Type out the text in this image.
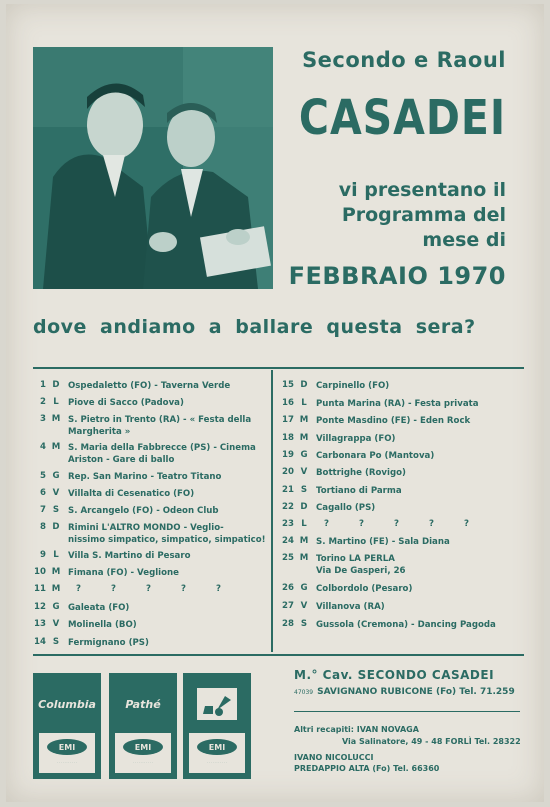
Secondo e Raoul
CASADEI
vi presentano il
Programma del
mese di
FEBBRAIO 1970
dove andiamo a ballare questa sera?
1 D Ospedaletto (FO) - Taverna Verde
2 L	Piove di Sacco (Padova)
3 M S. Pietro in Trento (RA) - « Festa della
Margherita »
4 M S. Maria della Fabbrecce (PS) - Cinema
Ariston - Gare di ballo
5 G Rep. San Marino - Teatro Titano
6 V	Villalta di Cesenatico (FO)
7 S	S. Arcangelo (FO) - Odeon Club
8 D Rimini L'ALTRO MONDO - Veglio-
nissimo simpatico, simpatico, simpatico!
9 L	Villa S. Martino di Pesaro
10 M Fimana (FO) - Veglione
11 M ?	?	?	?	?
12 G Galeata (FO)
13 V	Molinella (BO)
14 S	Fermignano (PS)
15 D Carpinello (FO)
16 L	Punta Marina (RA) - Festa privata
17 M Ponte Masdino (FE) - Eden Rock
18 M Villagrappa (FO)
19 G Carbonara Po (Mantova)
20 V	Bottrighe (Rovigo)
21 S	Tortiano di Parma
22 D Cagallo (PS)
23 L	?	?	?	?	?
24 M S. Martino (FE) - Sala Diana
25 M Torino LA PERLA
Via De Gasperi, 26
26 G Colbordolo (Pesaro)
27 V	Villanova (RA)
28 S	Gussola (Cremona) - Dancing Pagoda
Columbia
EMI
· · · · · · · · · · ·
Pathé
EMI
· · · · · · · · · · ·
EMI
· · · · · · · · · · ·
M.° Cav. SECONDO CASADEI
47039 SAVIGNANO RUBICONE (Fo) Tel. 71.259
Altri recapiti: IVAN NOVAGA
Via Salinatore, 49 - 48 FORLÌ Tel. 28322
IVANO NICOLUCCI
PREDAPPIO ALTA (Fo) Tel. 66360
